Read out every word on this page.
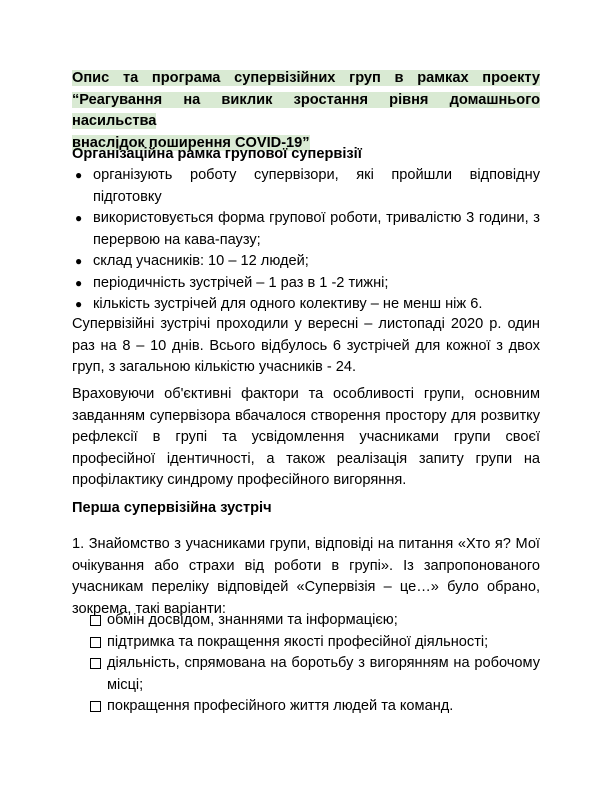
Опис та програма супервізійних груп в рамках проекту
“Реагування на виклик зростання рівня домашнього насильства
внаслідок поширення COVID-19”

Організаційна рамка групової супервізії

● організують роботу супервізори, які пройшли відповідну підготовку
● використовується форма групової роботи, тривалістю 3 години, з перервою на кава-паузу;
● склад учасників: 10 – 12 людей;
● періодичність зустрічей – 1 раз в 1 -2 тижні;
● кількість зустрічей для одного колективу – не менш ніж 6.

Супервізійні зустрічі проходили у вересні – листопаді 2020 р. один раз на 8 – 10 днів. Всього відбулось 6 зустрічей для кожної з двох груп, з загальною кількістю учасників - 24.

Враховуючи об'єктивні фактори та особливості групи, основним завданням супервізора вбачалося створення простору для розвитку рефлексії в групі та усвідомлення учасниками групи своєї професійної ідентичності, а також реалізація запиту групи на профілактику синдрому професійного вигоряння.

Перша супервізійна зустріч

1. Знайомство з учасниками групи, відповіді на питання «Хто я? Мої очікування або страхи від роботи в групі». Із запропонованого учасникам переліку відповідей «Супервізія – це…» було обрано, зокрема, такі варіанти:

обмін досвідом, знаннями та інформацією;
підтримка та покращення якості професійної діяльності;
діяльність, спрямована на боротьбу з вигорянням на робочому місці;
покращення професійного життя людей та команд.
